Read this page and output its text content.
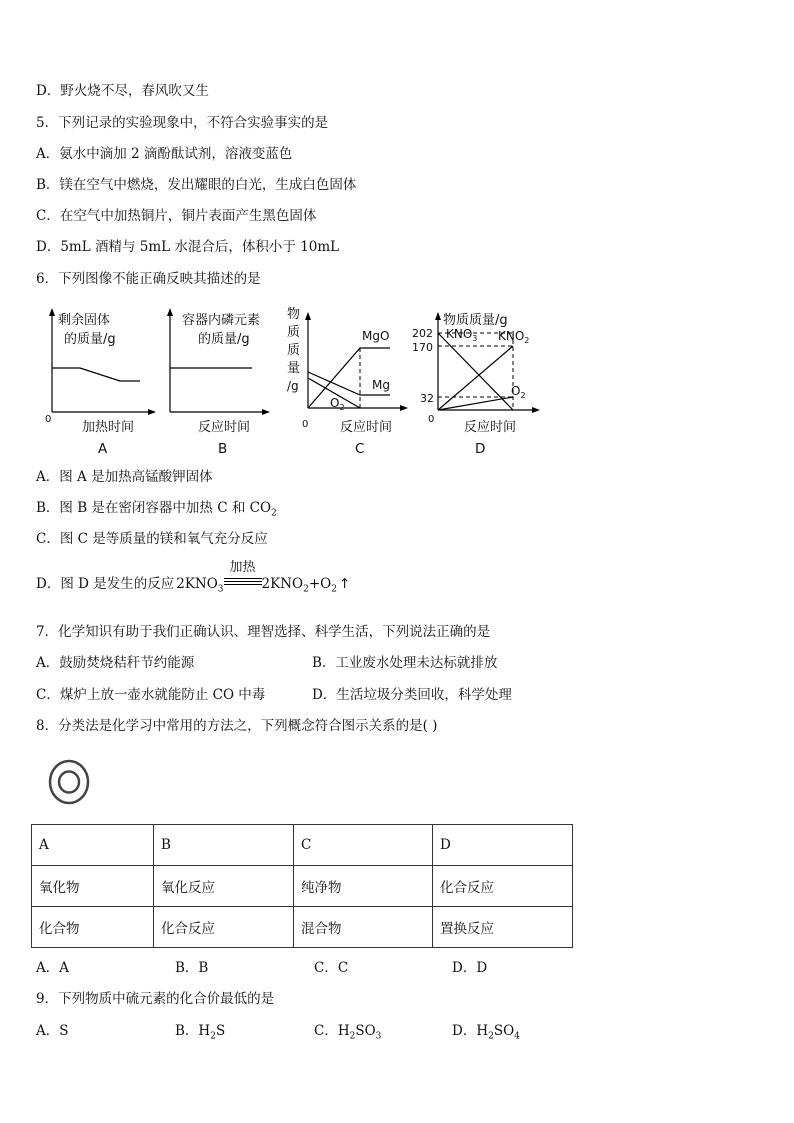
D．野火烧不尽，春风吹又生
5．下列记录的实验现象中，不符合实验事实的是
A．氨水中滴加 2 滴酚酞试剂，溶液变蓝色
B．镁在空气中燃烧，发出耀眼的白光，生成白色固体
C．在空气中加热铜片，铜片表面产生黑色固体
D．5mL 酒精与 5mL 水混合后，体积小于 10mL
6．下列图像不能正确反映其描述的是
剩余固体
的质量/g
0
加热时间
A
容器内磷元素
的质量/g
反应时间
B
物
质
质
量
/g
MgO
Mg
$O_2$
0 反应时间
C
物质质量/g
202
170
32
$KNO_3$ $KNO_2$
$O_2$
0
反应时间
D
A．图 A 是加热高锰酸钾固体
B．图 B 是在密闭容器中加热 C 和 $CO_2$
C．图 C 是等质量的镁和氧气充分反应
D．图 D 是发生的反应 $2KNO_3$
加热
$2KNO_2+O_2$ ↑
7．化学知识有助于我们正确认识、理智选择、科学生活，下列说法正确的是
A．鼓励焚烧秸秆节约能源	B．工业废水处理未达标就排放
C．煤炉上放一壶水就能防止 CO 中毒	D．生活垃圾分类回收，科学处理
8．分类法是化学习中常用的方法之，下列概念符合图示关系的是( )
A	B	C	D
氧化物	氧化反应	纯净物	化合反应
化合物	化合反应	混合物	置换反应
A．A	B．B	C．C	D．D
9．下列物质中硫元素的化合价最低的是
A．S	B．$H_2S$	C．$H_2SO_3$	D．$H_2SO_4$
